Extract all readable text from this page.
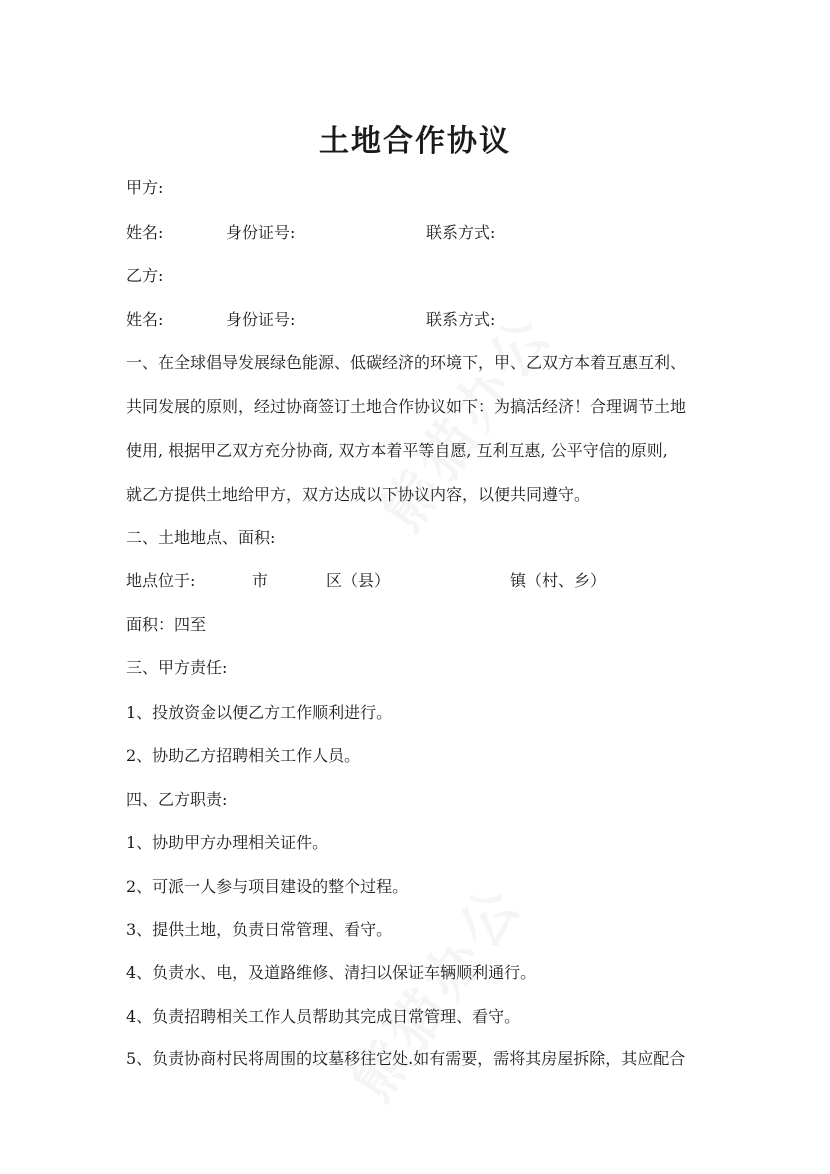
土地合作协议
甲方:
姓名:	身份证号:	联系方式:
乙方:
姓名:	身份证号:	联系方式:
一、在全球倡导发展绿色能源、低碳经济的环境下，甲、乙双方本着互惠互利、
共同发展的原则，经过协商签订土地合作协议如下：为搞活经济！合理调节土地
使用, 根据甲乙双方充分协商, 双方本着平等自愿, 互利互惠, 公平守信的原则,
就乙方提供土地给甲方，双方达成以下协议内容，以便共同遵守。
二、土地地点、面积:
地点位于:	市	区（县）	镇（村、乡）
面积：四至
三、甲方责任:
1、投放资金以便乙方工作顺利进行。
2、协助乙方招聘相关工作人员。
四、乙方职责:
1、协助甲方办理相关证件。
2、可派一人参与项目建设的整个过程。
3、提供土地，负责日常管理、看守。
4、负责水、电，及道路维修、清扫以保证车辆顺利通行。
4、负责招聘相关工作人员帮助其完成日常管理、看守。
5、负责协商村民将周围的坟墓移往它处.如有需要，需将其房屋拆除，其应配合
